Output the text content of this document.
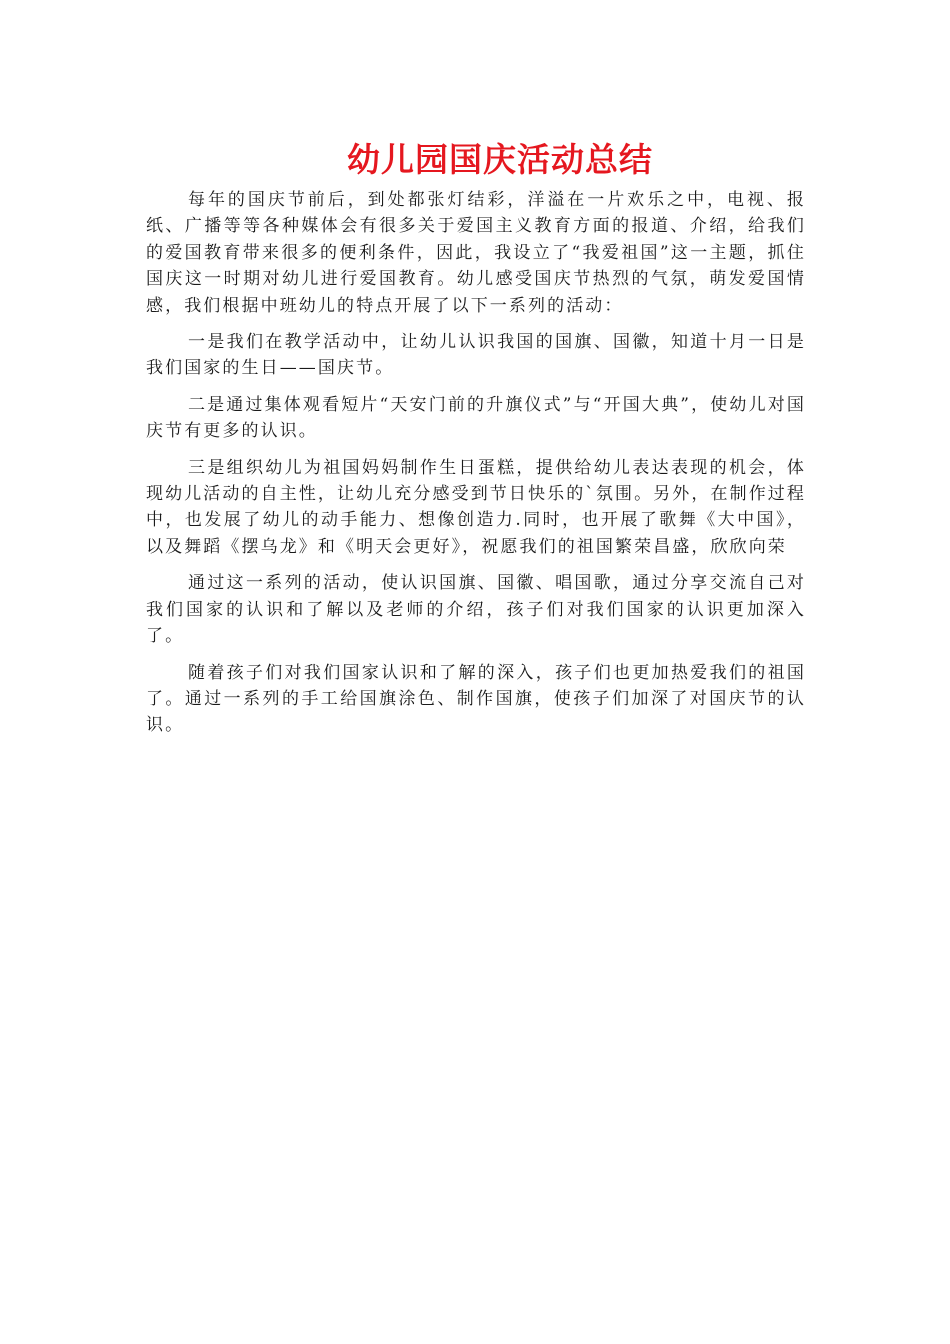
幼儿园国庆活动总结

每年的国庆节前后，到处都张灯结彩，洋溢在一片欢乐之中，电视、报纸、广播等等各种媒体会有很多关于爱国主义教育方面的报道、介绍，给我们的爱国教育带来很多的便利条件，因此，我设立了“我爱祖国”这一主题，抓住国庆这一时期对幼儿进行爱国教育。幼儿感受国庆节热烈的气氛，萌发爱国情感，我们根据中班幼儿的特点开展了以下一系列的活动：

一是我们在教学活动中，让幼儿认识我国的国旗、国徽，知道十月一日是我们国家的生日——国庆节。

二是通过集体观看短片“天安门前的升旗仪式”与“开国大典”，使幼儿对国庆节有更多的认识。

三是组织幼儿为祖国妈妈制作生日蛋糕，提供给幼儿表达表现的机会，体现幼儿活动的自主性，让幼儿充分感受到节日快乐的`氛围。另外，在制作过程中，也发展了幼儿的动手能力、想像创造力.同时，也开展了歌舞《大中国》，以及舞蹈《摆乌龙》和《明天会更好》，祝愿我们的祖国繁荣昌盛，欣欣向荣

通过这一系列的活动，使认识国旗、国徽、唱国歌，通过分享交流自己对我们国家的认识和了解以及老师的介绍，孩子们对我们国家的认识更加深入了。

随着孩子们对我们国家认识和了解的深入，孩子们也更加热爱我们的祖国了。通过一系列的手工给国旗涂色、制作国旗，使孩子们加深了对国庆节的认识。
